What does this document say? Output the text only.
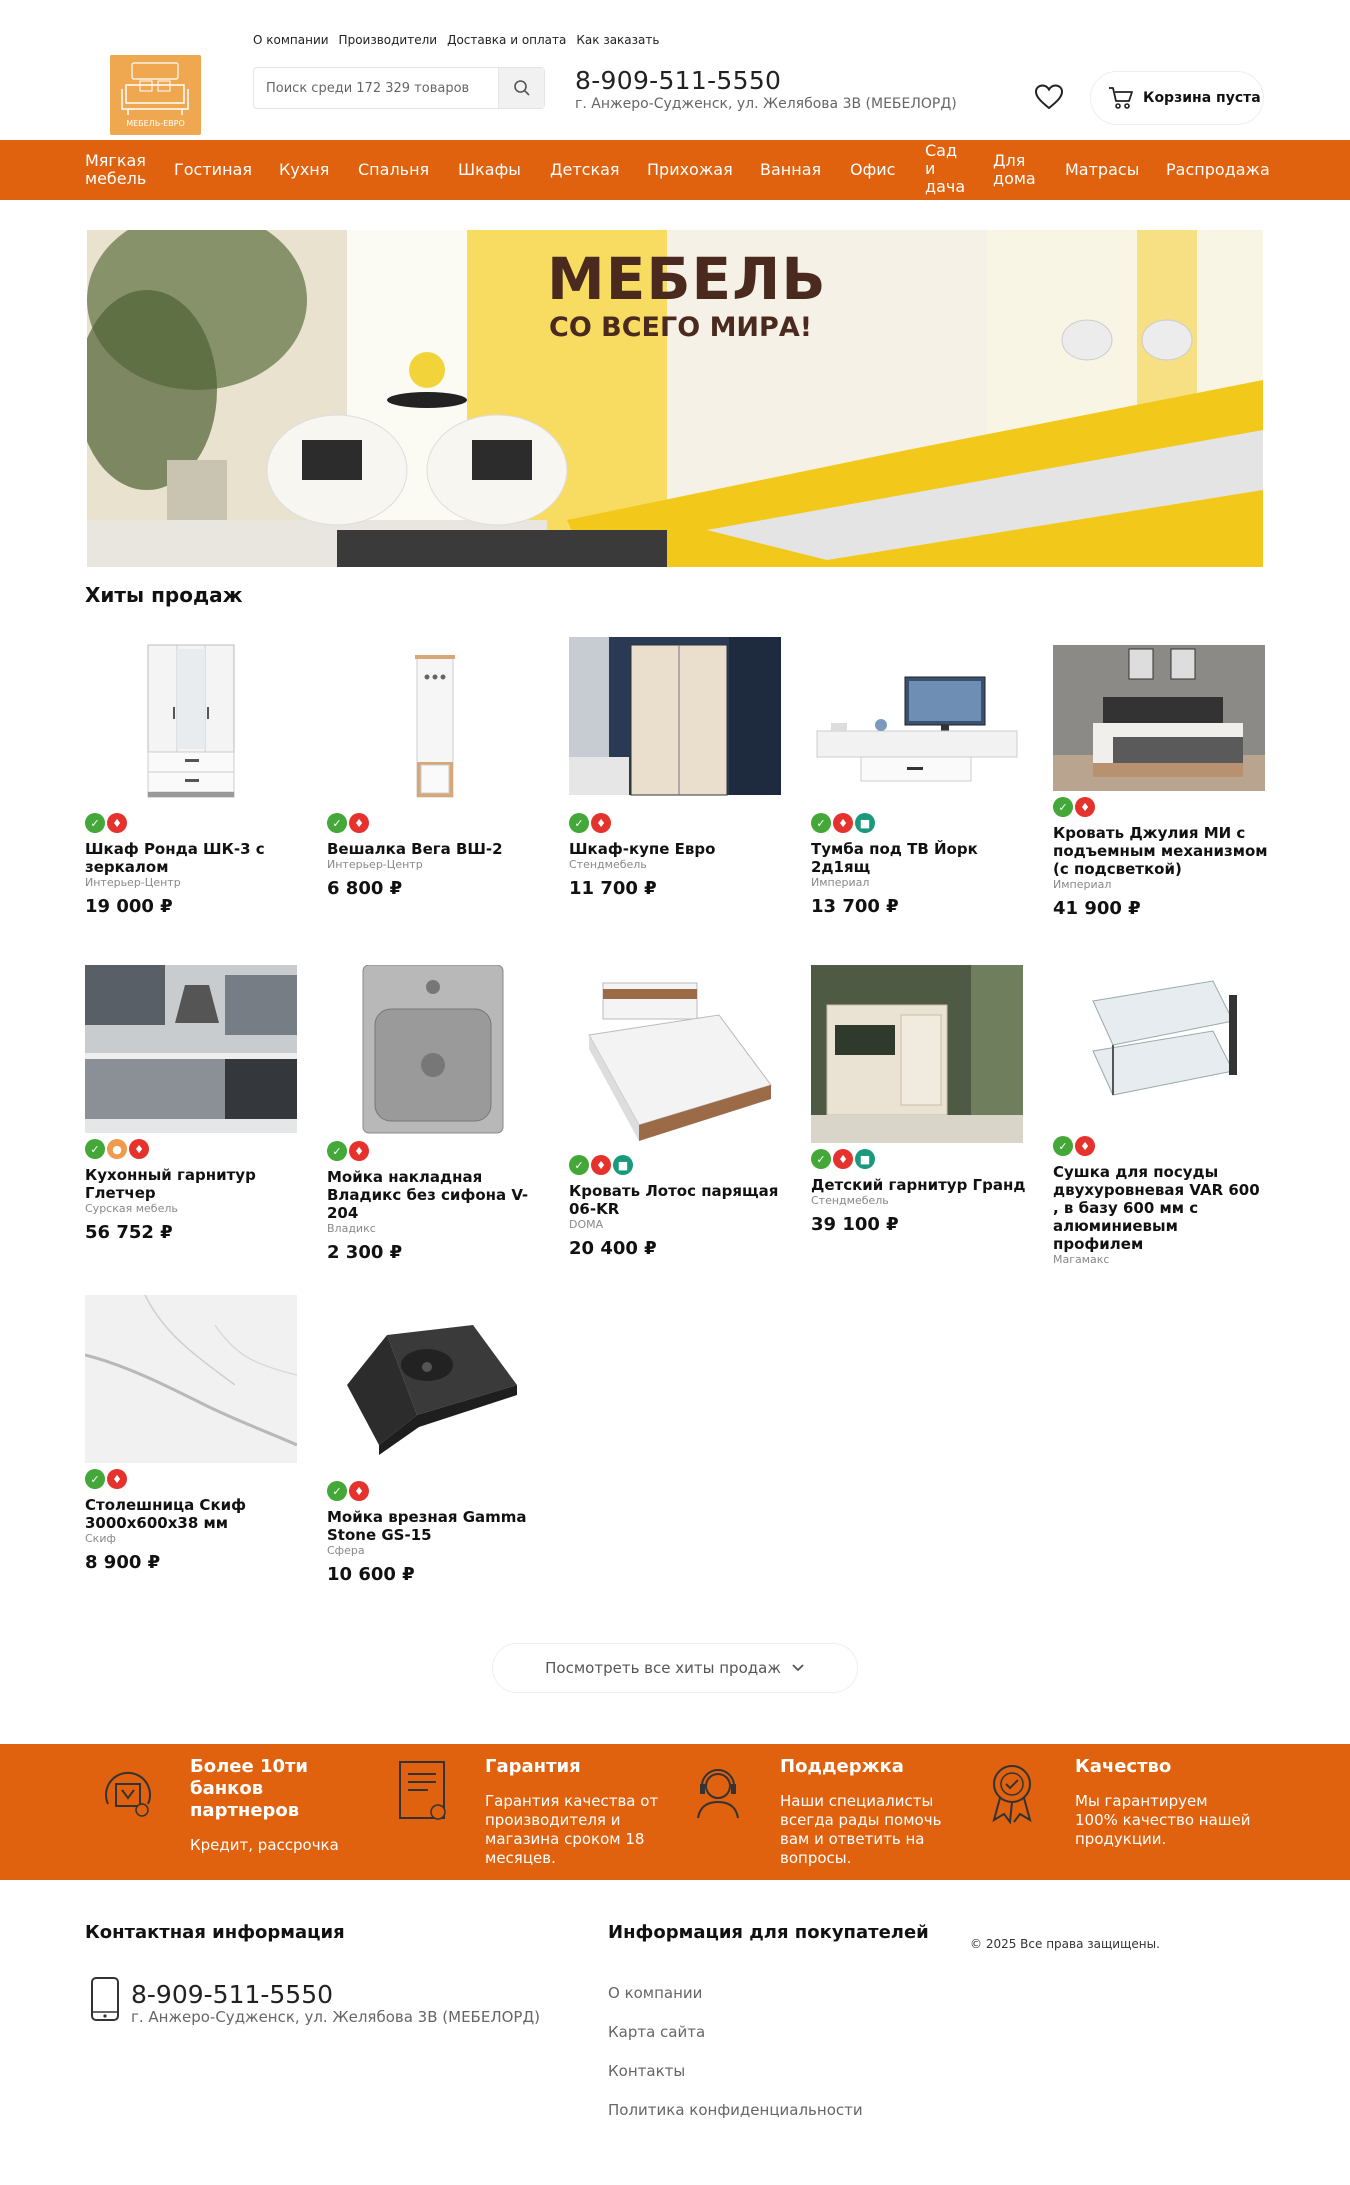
О компании Производители Доставка и оплата Как заказать
МЕБЕЛЬ-ЕВРО
Поиск среди 172 329 товаров
8-909-511-5550
г. Анжеро-Судженск, ул. Желябова 3В (МЕБЕЛОРД)	Корзина пуста
Мягкая мебель	Гостиная Кухня Спальня Шкафы Детская Прихожая Ванная Офис
Сад и дача
Для дома	Матрасы Распродажа
МЕБЕЛЬ
СО ВСЕГО МИРА!
Хиты продаж
✓	♦
Шкаф Ронда ШК-3 с зеркалом
Интерьер-Центр
19 000 ₽
✓	♦
Вешалка Вега ВШ-2
Интерьер-Центр
6 800 ₽
✓	♦
Шкаф-купе Евро
Стендмебель
11 700 ₽
✓	♦	■
Тумба под ТВ Йорк 2д1ящ
Империал
13 700 ₽
✓	♦
Кровать Джулия МИ с подъемным механизмом (с подсветкой)
Империал
41 900 ₽
✓	●	♦
Кухонный гарнитур Глетчер
Сурская мебель
56 752 ₽
✓	♦
Мойка накладная Владикс без сифона V-204
Владикс
2 300 ₽
✓	♦	■
Кровать Лотос парящая 06-KR
DOMA
20 400 ₽
✓	♦	■
Детский гарнитур Гранд
Стендмебель
39 100 ₽
✓	♦
Сушка для посуды двухуровневая VAR 600 , в базу 600 мм с алюминиевым профилем
Магамакс
✓	♦
Столешница Скиф 3000х600х38 мм
Скиф
8 900 ₽
✓	♦
Мойка врезная Gamma Stone GS-15
Сфера
10 600 ₽
Посмотреть все хиты продаж
Более 10ти банков партнеров
Кредит, рассрочка
Гарантия
Гарантия качества от производителя и магазина сроком 18 месяцев.
Поддержка
Наши специалисты всегда рады помочь вам и ответить на вопросы.
Качество
Мы гарантируем 100% качество нашей продукции.
Контактная информация
8-909-511-5550
г. Анжеро-Судженск, ул. Желябова 3В (МЕБЕЛОРД)
Информация для покупателей
О компании
Карта сайта
Контакты
Политика конфиденциальности
© 2025 Все права защищены.
